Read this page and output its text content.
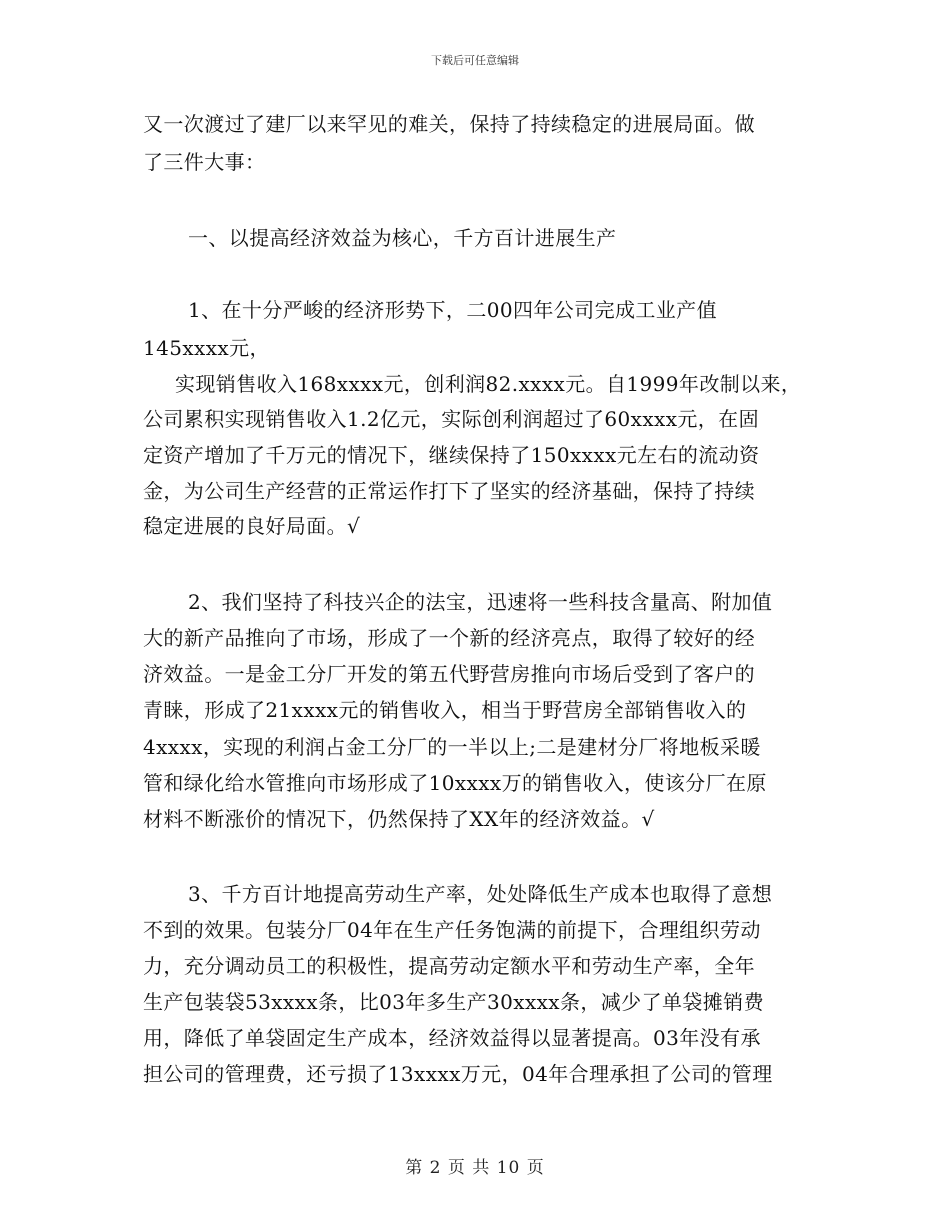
下载后可任意编辑
又一次渡过了建厂以来罕见的难关，保持了持续稳定的进展局面。做
了三件大事：
一、以提高经济效益为核心，千方百计进展生产
1、在十分严峻的经济形势下，二00四年公司完成工业产值
145xxxx元，
实现销售收入168xxxx元，创利润82.xxxx元。自1999年改制以来，
公司累积实现销售收入1.2亿元，实际创利润超过了60xxxx元，在固
定资产增加了千万元的情况下，继续保持了150xxxx元左右的流动资
金，为公司生产经营的正常运作打下了坚实的经济基础，保持了持续
稳定进展的良好局面。√
2、我们坚持了科技兴企的法宝，迅速将一些科技含量高、附加值
大的新产品推向了市场，形成了一个新的经济亮点，取得了较好的经
济效益。一是金工分厂开发的第五代野营房推向市场后受到了客户的
青睐，形成了21xxxx元的销售收入，相当于野营房全部销售收入的
4xxxx，实现的利润占金工分厂的一半以上;二是建材分厂将地板采暖
管和绿化给水管推向市场形成了10xxxx万的销售收入，使该分厂在原
材料不断涨价的情况下，仍然保持了XX年的经济效益。√
3、千方百计地提高劳动生产率，处处降低生产成本也取得了意想
不到的效果。包装分厂04年在生产任务饱满的前提下，合理组织劳动
力，充分调动员工的积极性，提高劳动定额水平和劳动生产率，全年
生产包装袋53xxxx条，比03年多生产30xxxx条，减少了单袋摊销费
用，降低了单袋固定生产成本，经济效益得以显著提高。03年没有承
担公司的管理费，还亏损了13xxxx万元，04年合理承担了公司的管理
第 2 页 共 10 页
